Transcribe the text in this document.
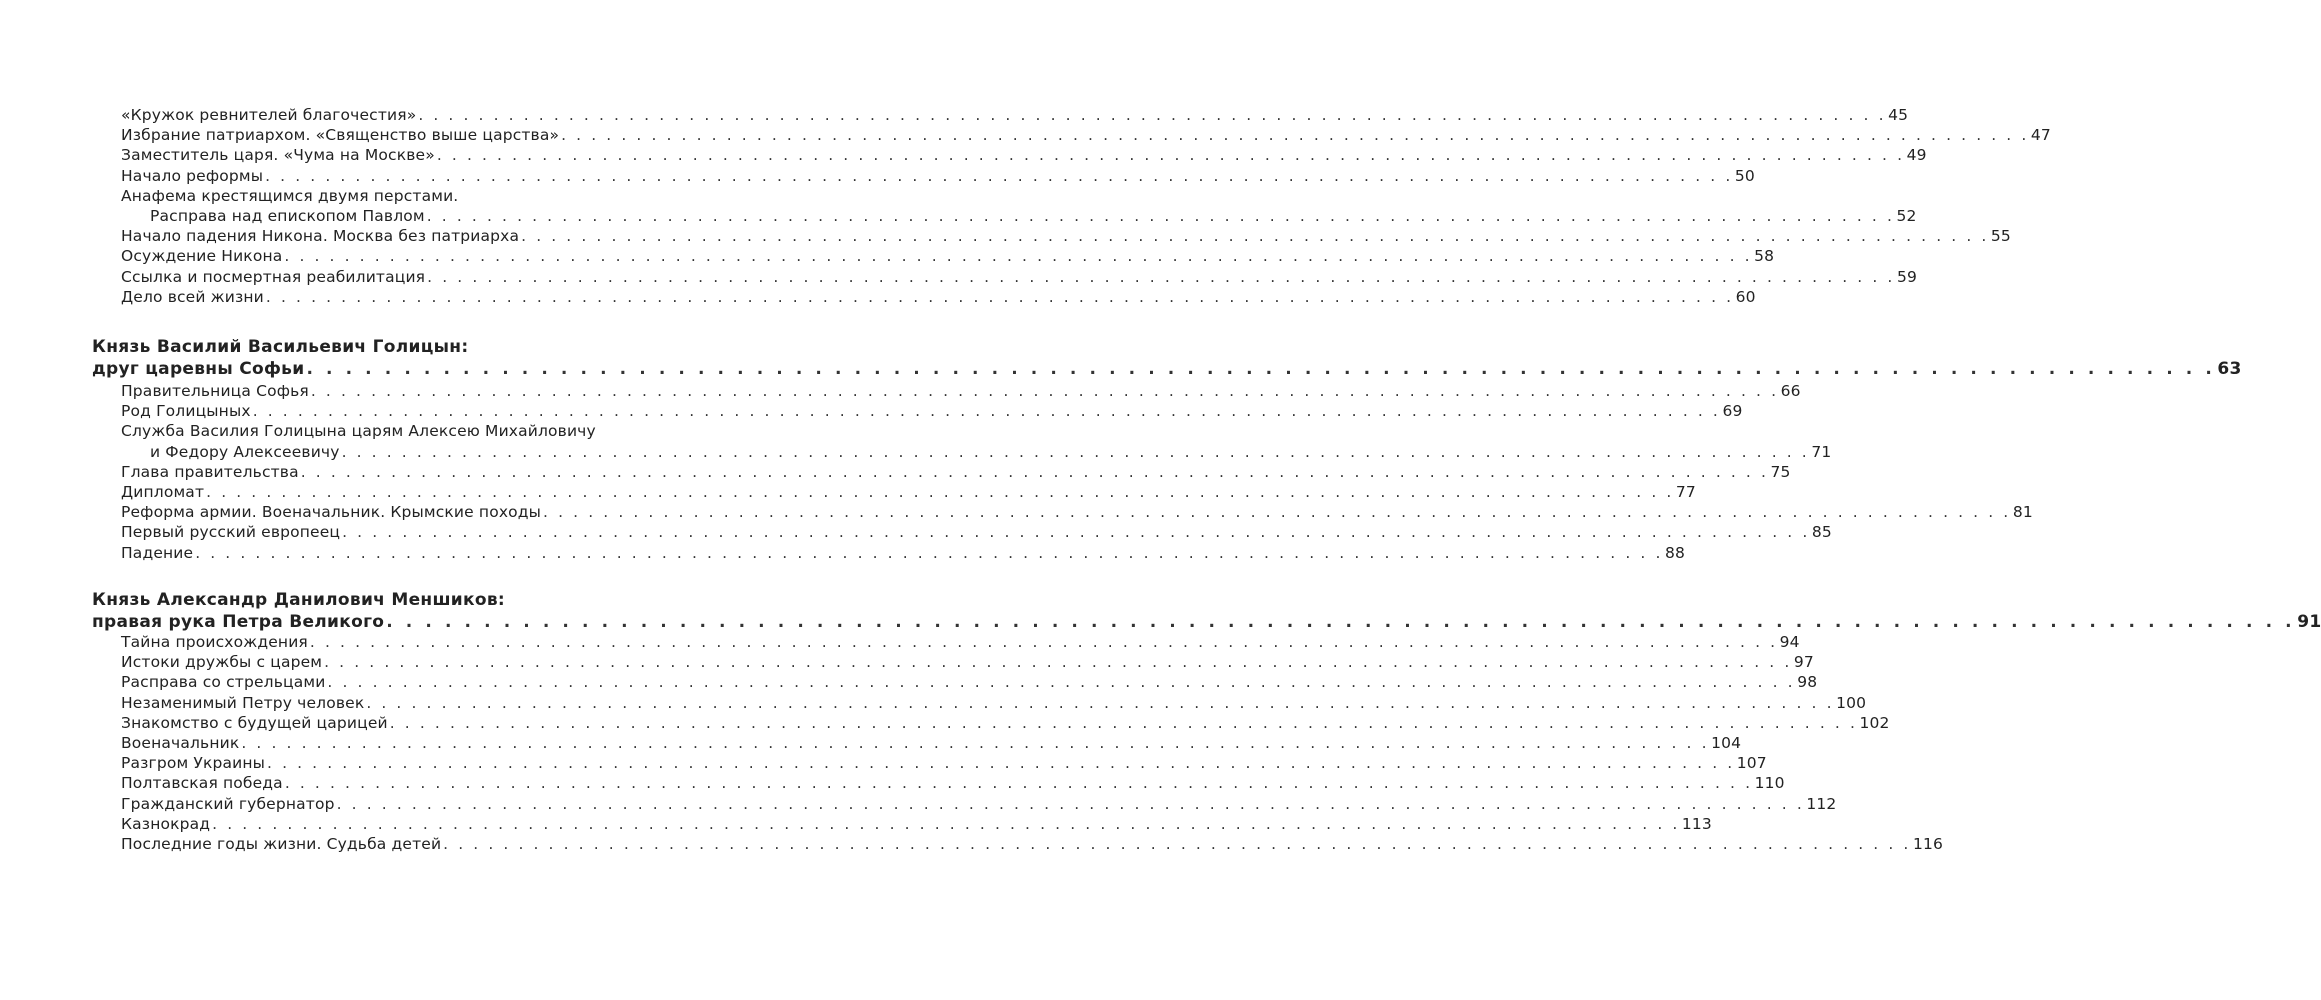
«Кружок ревнителей благочестия» . . . . . . . . . . . . . . . . . . . . . . . . . . . . . . . . . . . . . . . . . . . . . . . . . . . . . . . . . . . . . . . . . . . . . . . . . . . . . . . . . . . . . . . . . . . . . . . . . . 45
Избрание патриархом. «Священство выше царства» . . . . . . . . . . . . . . . . . . . . . . . . . . . . . . . . . . . . . . . . . . . . . . . . . . . . . . . . . . . . . . . . . . . . . . . . . . . . . . . . . . . . . . . . . . . . . . . . . . 47
Заместитель царя. «Чума на Москве» . . . . . . . . . . . . . . . . . . . . . . . . . . . . . . . . . . . . . . . . . . . . . . . . . . . . . . . . . . . . . . . . . . . . . . . . . . . . . . . . . . . . . . . . . . . . . . . . . . 49
Начало реформы . . . . . . . . . . . . . . . . . . . . . . . . . . . . . . . . . . . . . . . . . . . . . . . . . . . . . . . . . . . . . . . . . . . . . . . . . . . . . . . . . . . . . . . . . . . . . . . . . . 50
Анафема крестящимся двумя перстами.
Расправа над епископом Павлом . . . . . . . . . . . . . . . . . . . . . . . . . . . . . . . . . . . . . . . . . . . . . . . . . . . . . . . . . . . . . . . . . . . . . . . . . . . . . . . . . . . . . . . . . . . . . . . . . . 52
Начало падения Никона. Москва без патриарха . . . . . . . . . . . . . . . . . . . . . . . . . . . . . . . . . . . . . . . . . . . . . . . . . . . . . . . . . . . . . . . . . . . . . . . . . . . . . . . . . . . . . . . . . . . . . . . . . . 55
Осуждение Никона . . . . . . . . . . . . . . . . . . . . . . . . . . . . . . . . . . . . . . . . . . . . . . . . . . . . . . . . . . . . . . . . . . . . . . . . . . . . . . . . . . . . . . . . . . . . . . . . . . 58
Ссылка и посмертная реабилитация . . . . . . . . . . . . . . . . . . . . . . . . . . . . . . . . . . . . . . . . . . . . . . . . . . . . . . . . . . . . . . . . . . . . . . . . . . . . . . . . . . . . . . . . . . . . . . . . . . 59
Дело всей жизни . . . . . . . . . . . . . . . . . . . . . . . . . . . . . . . . . . . . . . . . . . . . . . . . . . . . . . . . . . . . . . . . . . . . . . . . . . . . . . . . . . . . . . . . . . . . . . . . . . 60
Князь Василий Васильевич Голицын:
друг царевны Софьи . . . . . . . . . . . . . . . . . . . . . . . . . . . . . . . . . . . . . . . . . . . . . . . . . . . . . . . . . . . . . . . . . . . . . . . . . . . . . . . . . . . . . . . . . . . . . . . . . . 63
Правительница Софья . . . . . . . . . . . . . . . . . . . . . . . . . . . . . . . . . . . . . . . . . . . . . . . . . . . . . . . . . . . . . . . . . . . . . . . . . . . . . . . . . . . . . . . . . . . . . . . . . . 66
Род Голицыных . . . . . . . . . . . . . . . . . . . . . . . . . . . . . . . . . . . . . . . . . . . . . . . . . . . . . . . . . . . . . . . . . . . . . . . . . . . . . . . . . . . . . . . . . . . . . . . . . . 69
Служба Василия Голицына царям Алексею Михайловичу
и Федору Алексеевичу . . . . . . . . . . . . . . . . . . . . . . . . . . . . . . . . . . . . . . . . . . . . . . . . . . . . . . . . . . . . . . . . . . . . . . . . . . . . . . . . . . . . . . . . . . . . . . . . . . 71
Глава правительства . . . . . . . . . . . . . . . . . . . . . . . . . . . . . . . . . . . . . . . . . . . . . . . . . . . . . . . . . . . . . . . . . . . . . . . . . . . . . . . . . . . . . . . . . . . . . . . . . . 75
Дипломат . . . . . . . . . . . . . . . . . . . . . . . . . . . . . . . . . . . . . . . . . . . . . . . . . . . . . . . . . . . . . . . . . . . . . . . . . . . . . . . . . . . . . . . . . . . . . . . . . . 77
Реформа армии. Военачальник. Крымские походы . . . . . . . . . . . . . . . . . . . . . . . . . . . . . . . . . . . . . . . . . . . . . . . . . . . . . . . . . . . . . . . . . . . . . . . . . . . . . . . . . . . . . . . . . . . . . . . . . . 81
Первый русский европеец . . . . . . . . . . . . . . . . . . . . . . . . . . . . . . . . . . . . . . . . . . . . . . . . . . . . . . . . . . . . . . . . . . . . . . . . . . . . . . . . . . . . . . . . . . . . . . . . . . 85
Падение . . . . . . . . . . . . . . . . . . . . . . . . . . . . . . . . . . . . . . . . . . . . . . . . . . . . . . . . . . . . . . . . . . . . . . . . . . . . . . . . . . . . . . . . . . . . . . . . . . 88
Князь Александр Данилович Меншиков:
правая рука Петра Великого . . . . . . . . . . . . . . . . . . . . . . . . . . . . . . . . . . . . . . . . . . . . . . . . . . . . . . . . . . . . . . . . . . . . . . . . . . . . . . . . . . . . . . . . . . . . . . . . . . 91
Тайна происхождения . . . . . . . . . . . . . . . . . . . . . . . . . . . . . . . . . . . . . . . . . . . . . . . . . . . . . . . . . . . . . . . . . . . . . . . . . . . . . . . . . . . . . . . . . . . . . . . . . . 94
Истоки дружбы с царем . . . . . . . . . . . . . . . . . . . . . . . . . . . . . . . . . . . . . . . . . . . . . . . . . . . . . . . . . . . . . . . . . . . . . . . . . . . . . . . . . . . . . . . . . . . . . . . . . . 97
Расправа со стрельцами . . . . . . . . . . . . . . . . . . . . . . . . . . . . . . . . . . . . . . . . . . . . . . . . . . . . . . . . . . . . . . . . . . . . . . . . . . . . . . . . . . . . . . . . . . . . . . . . . . 98
Незаменимый Петру человек . . . . . . . . . . . . . . . . . . . . . . . . . . . . . . . . . . . . . . . . . . . . . . . . . . . . . . . . . . . . . . . . . . . . . . . . . . . . . . . . . . . . . . . . . . . . . . . . . . 100
Знакомство с будущей царицей . . . . . . . . . . . . . . . . . . . . . . . . . . . . . . . . . . . . . . . . . . . . . . . . . . . . . . . . . . . . . . . . . . . . . . . . . . . . . . . . . . . . . . . . . . . . . . . . . . 102
Военачальник . . . . . . . . . . . . . . . . . . . . . . . . . . . . . . . . . . . . . . . . . . . . . . . . . . . . . . . . . . . . . . . . . . . . . . . . . . . . . . . . . . . . . . . . . . . . . . . . . . 104
Разгром Украины . . . . . . . . . . . . . . . . . . . . . . . . . . . . . . . . . . . . . . . . . . . . . . . . . . . . . . . . . . . . . . . . . . . . . . . . . . . . . . . . . . . . . . . . . . . . . . . . . . 107
Полтавская победа . . . . . . . . . . . . . . . . . . . . . . . . . . . . . . . . . . . . . . . . . . . . . . . . . . . . . . . . . . . . . . . . . . . . . . . . . . . . . . . . . . . . . . . . . . . . . . . . . . 110
Гражданский губернатор . . . . . . . . . . . . . . . . . . . . . . . . . . . . . . . . . . . . . . . . . . . . . . . . . . . . . . . . . . . . . . . . . . . . . . . . . . . . . . . . . . . . . . . . . . . . . . . . . . 112
Казнокрад . . . . . . . . . . . . . . . . . . . . . . . . . . . . . . . . . . . . . . . . . . . . . . . . . . . . . . . . . . . . . . . . . . . . . . . . . . . . . . . . . . . . . . . . . . . . . . . . . . 113
Последние годы жизни. Судьба детей . . . . . . . . . . . . . . . . . . . . . . . . . . . . . . . . . . . . . . . . . . . . . . . . . . . . . . . . . . . . . . . . . . . . . . . . . . . . . . . . . . . . . . . . . . . . . . . . . . 116
